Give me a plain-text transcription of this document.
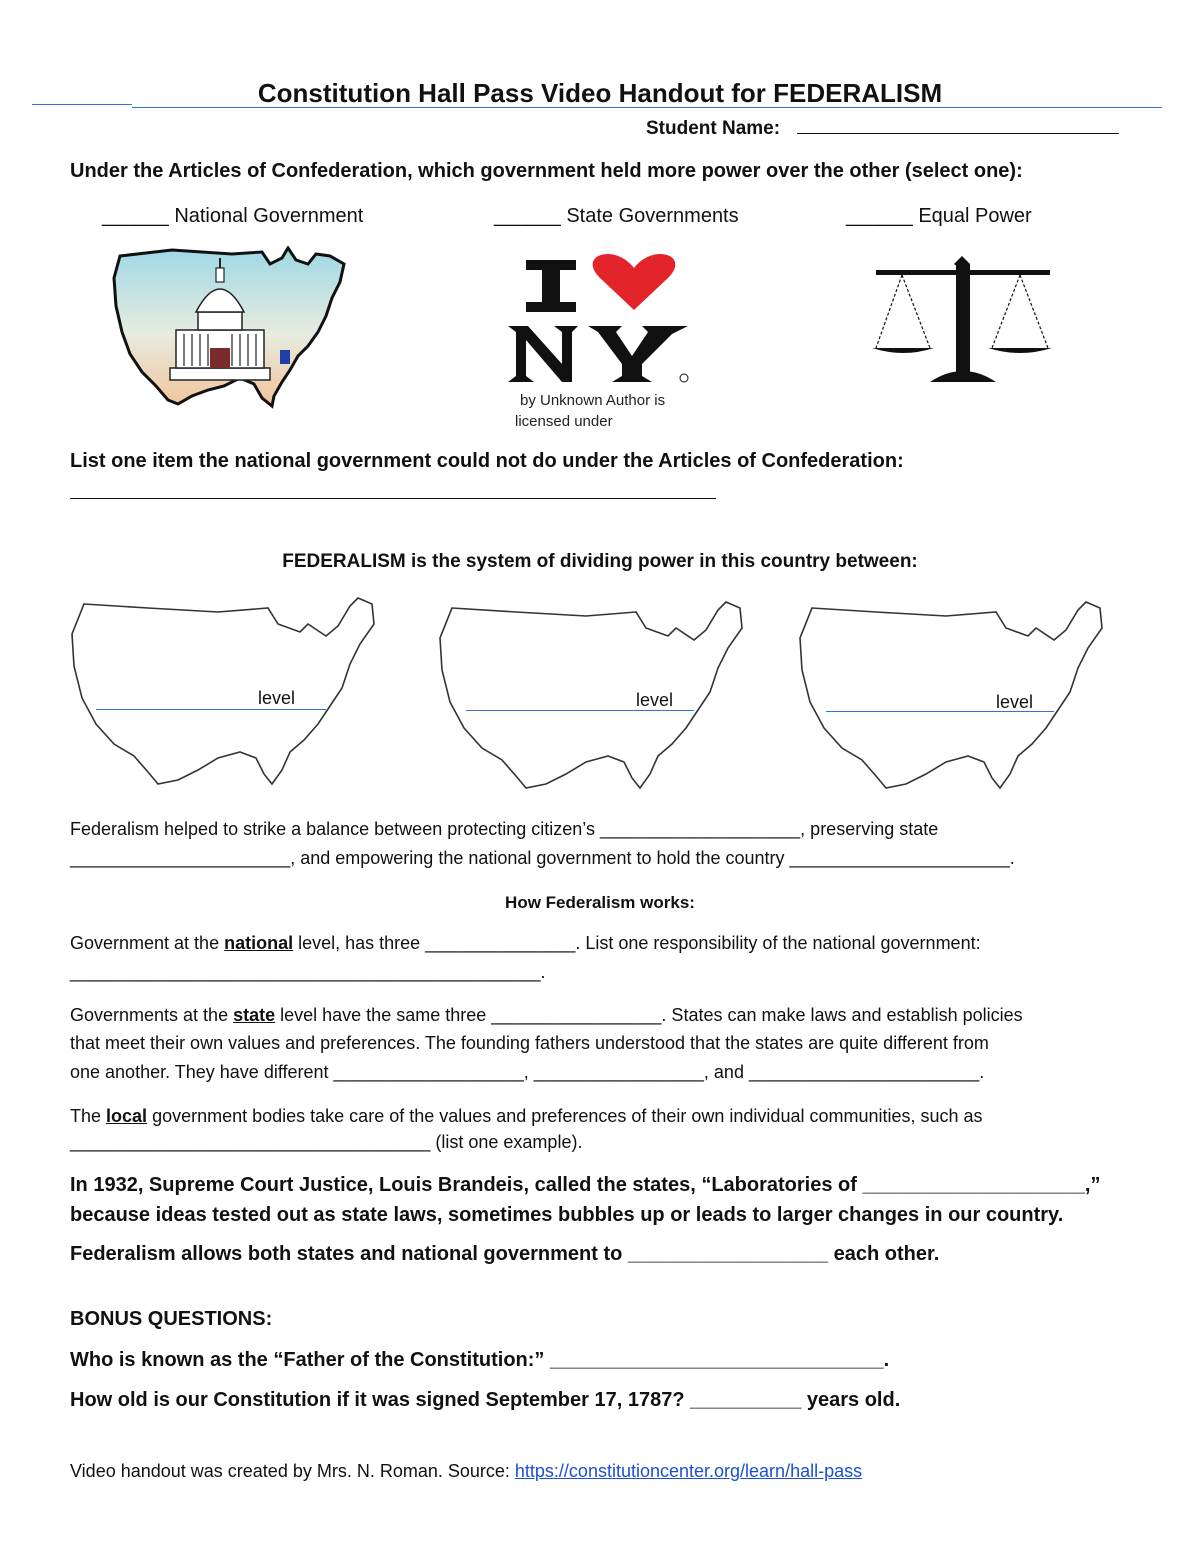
Constitution Hall Pass Video Handout for FEDERALISM
Student Name:
Under the Articles of Confederation, which government held more power over the other (select one):
______ National Government	______ State Governments	______ Equal Power
by Unknown Author is
licensed under
List one item the national government could not do under the Articles of Confederation:
FEDERALISM is the system of dividing power in this country between:
level	level	level
Federalism helped to strike a balance between protecting citizen’s ____________________, preserving state
______________________, and empowering the national government to hold the country ______________________.
How Federalism works:
Government at the national level, has three _______________. List one responsibility of the national government:
_______________________________________________.
Governments at the state level have the same three _________________. States can make laws and establish policies
that meet their own values and preferences. The founding fathers understood that the states are quite different from
one another. They have different ___________________, _________________, and _______________________.
The local government bodies take care of the values and preferences of their own individual communities, such as
____________________________________ (list one example).
In 1932, Supreme Court Justice, Louis Brandeis, called the states, “Laboratories of ____________________,”
because ideas tested out as state laws, sometimes bubbles up or leads to larger changes in our country.
Federalism allows both states and national government to __________________ each other.
BONUS QUESTIONS:
Who is known as the “Father of the Constitution:” ______________________________.
How old is our Constitution if it was signed September 17, 1787? __________ years old.
Video handout was created by Mrs. N. Roman. Source: https://constitutioncenter.org/learn/hall-pass
